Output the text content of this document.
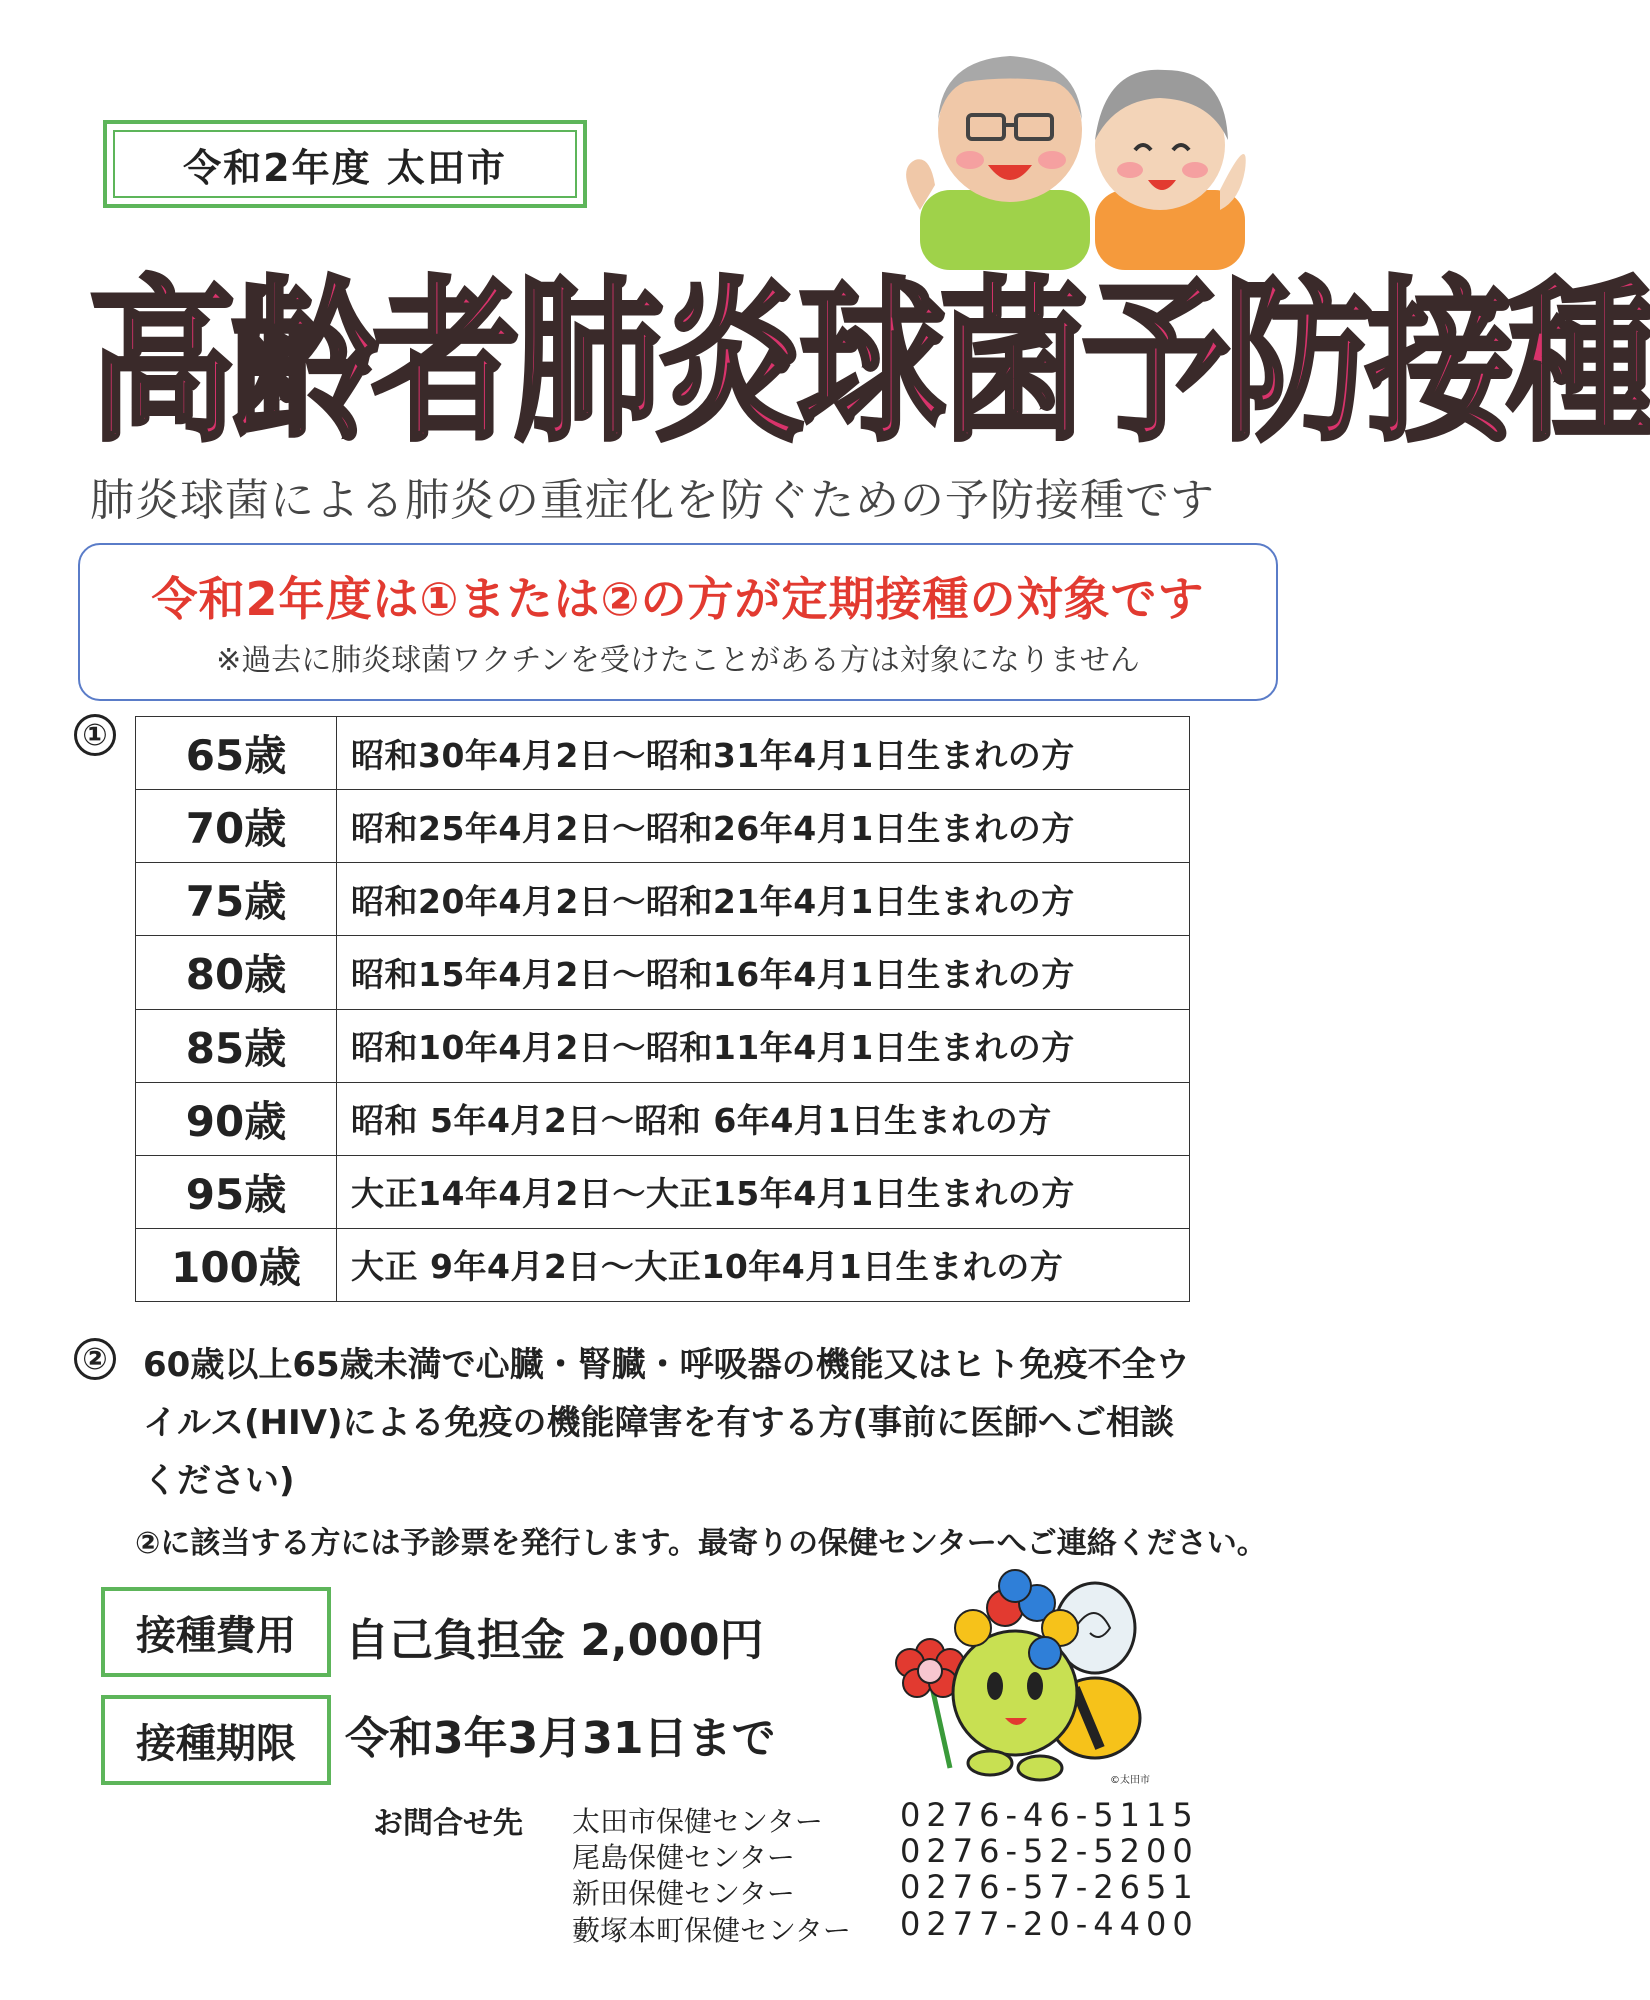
令和2年度 太田市
高齢者肺炎球菌予防接種
肺炎球菌による肺炎の重症化を防ぐための予防接種です
令和2年度は①または②の方が定期接種の対象です
※過去に肺炎球菌ワクチンを受けたことがある方は対象になりません
① 65歳	昭和30年4月2日～昭和31年4月1日生まれの方
70歳	昭和25年4月2日～昭和26年4月1日生まれの方
75歳	昭和20年4月2日～昭和21年4月1日生まれの方
80歳	昭和15年4月2日～昭和16年4月1日生まれの方
85歳	昭和10年4月2日～昭和11年4月1日生まれの方
90歳	昭和 5年4月2日～昭和 6年4月1日生まれの方
95歳	大正14年4月2日～大正15年4月1日生まれの方
100歳	大正 9年4月2日～大正10年4月1日生まれの方
② 60歳以上65歳未満で心臓・腎臓・呼吸器の機能又はヒト免疫不全ウイルス(HIV)による免疫の機能障害を有する方(事前に医師へご相談ください)
②に該当する方には予診票を発行します。最寄りの保健センターへご連絡ください。
接種費用	自己負担金 2,000円
接種期限	令和3年3月31日まで
©太田市
お問合せ先 太田市保健センター 0276-46-5115
尾島保健センター	0276-52-5200
新田保健センター	0276-57-2651
藪塚本町保健センター 0277-20-4400
